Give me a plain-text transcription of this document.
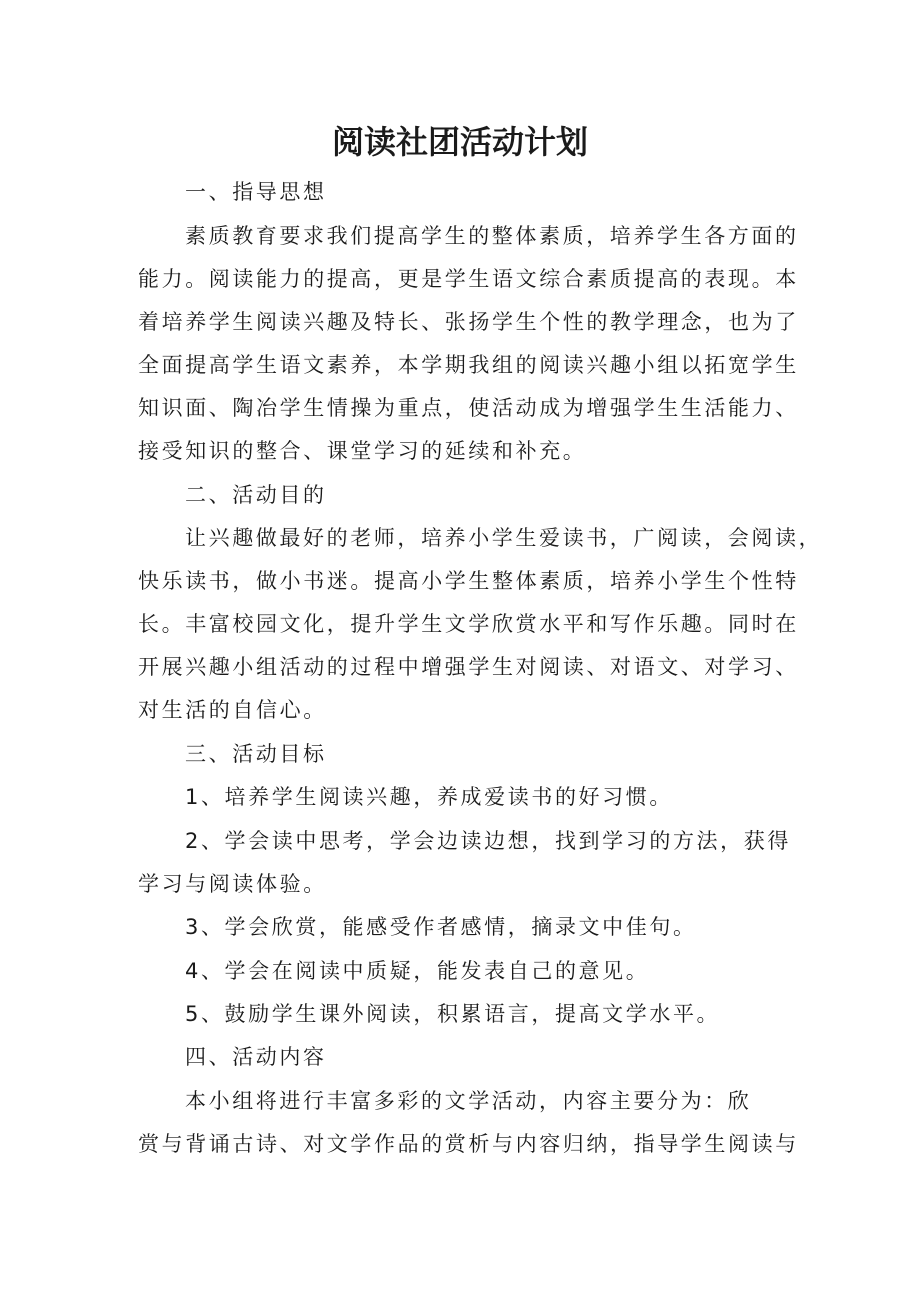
阅读社团活动计划
一、指导思想
素质教育要求我们提高学生的整体素质，培养学生各方面的
能力。阅读能力的提高，更是学生语文综合素质提高的表现。本
着培养学生阅读兴趣及特长、张扬学生个性的教学理念，也为了
全面提高学生语文素养，本学期我组的阅读兴趣小组以拓宽学生
知识面、陶冶学生情操为重点，使活动成为增强学生生活能力、
接受知识的整合、课堂学习的延续和补充。
二、活动目的
让兴趣做最好的老师，培养小学生爱读书，广阅读，会阅读，
快乐读书，做小书迷。提高小学生整体素质，培养小学生个性特
长。丰富校园文化，提升学生文学欣赏水平和写作乐趣。同时在
开展兴趣小组活动的过程中增强学生对阅读、对语文、对学习、
对生活的自信心。
三、活动目标
1、培养学生阅读兴趣，养成爱读书的好习惯。
2、学会读中思考，学会边读边想，找到学习的方法，获得
学习与阅读体验。
3、学会欣赏，能感受作者感情，摘录文中佳句。
4、学会在阅读中质疑，能发表自己的意见。
5、鼓励学生课外阅读，积累语言，提高文学水平。
四、活动内容
本小组将进行丰富多彩的文学活动，内容主要分为：欣
赏与背诵古诗、对文学作品的赏析与内容归纳，指导学生阅读与
